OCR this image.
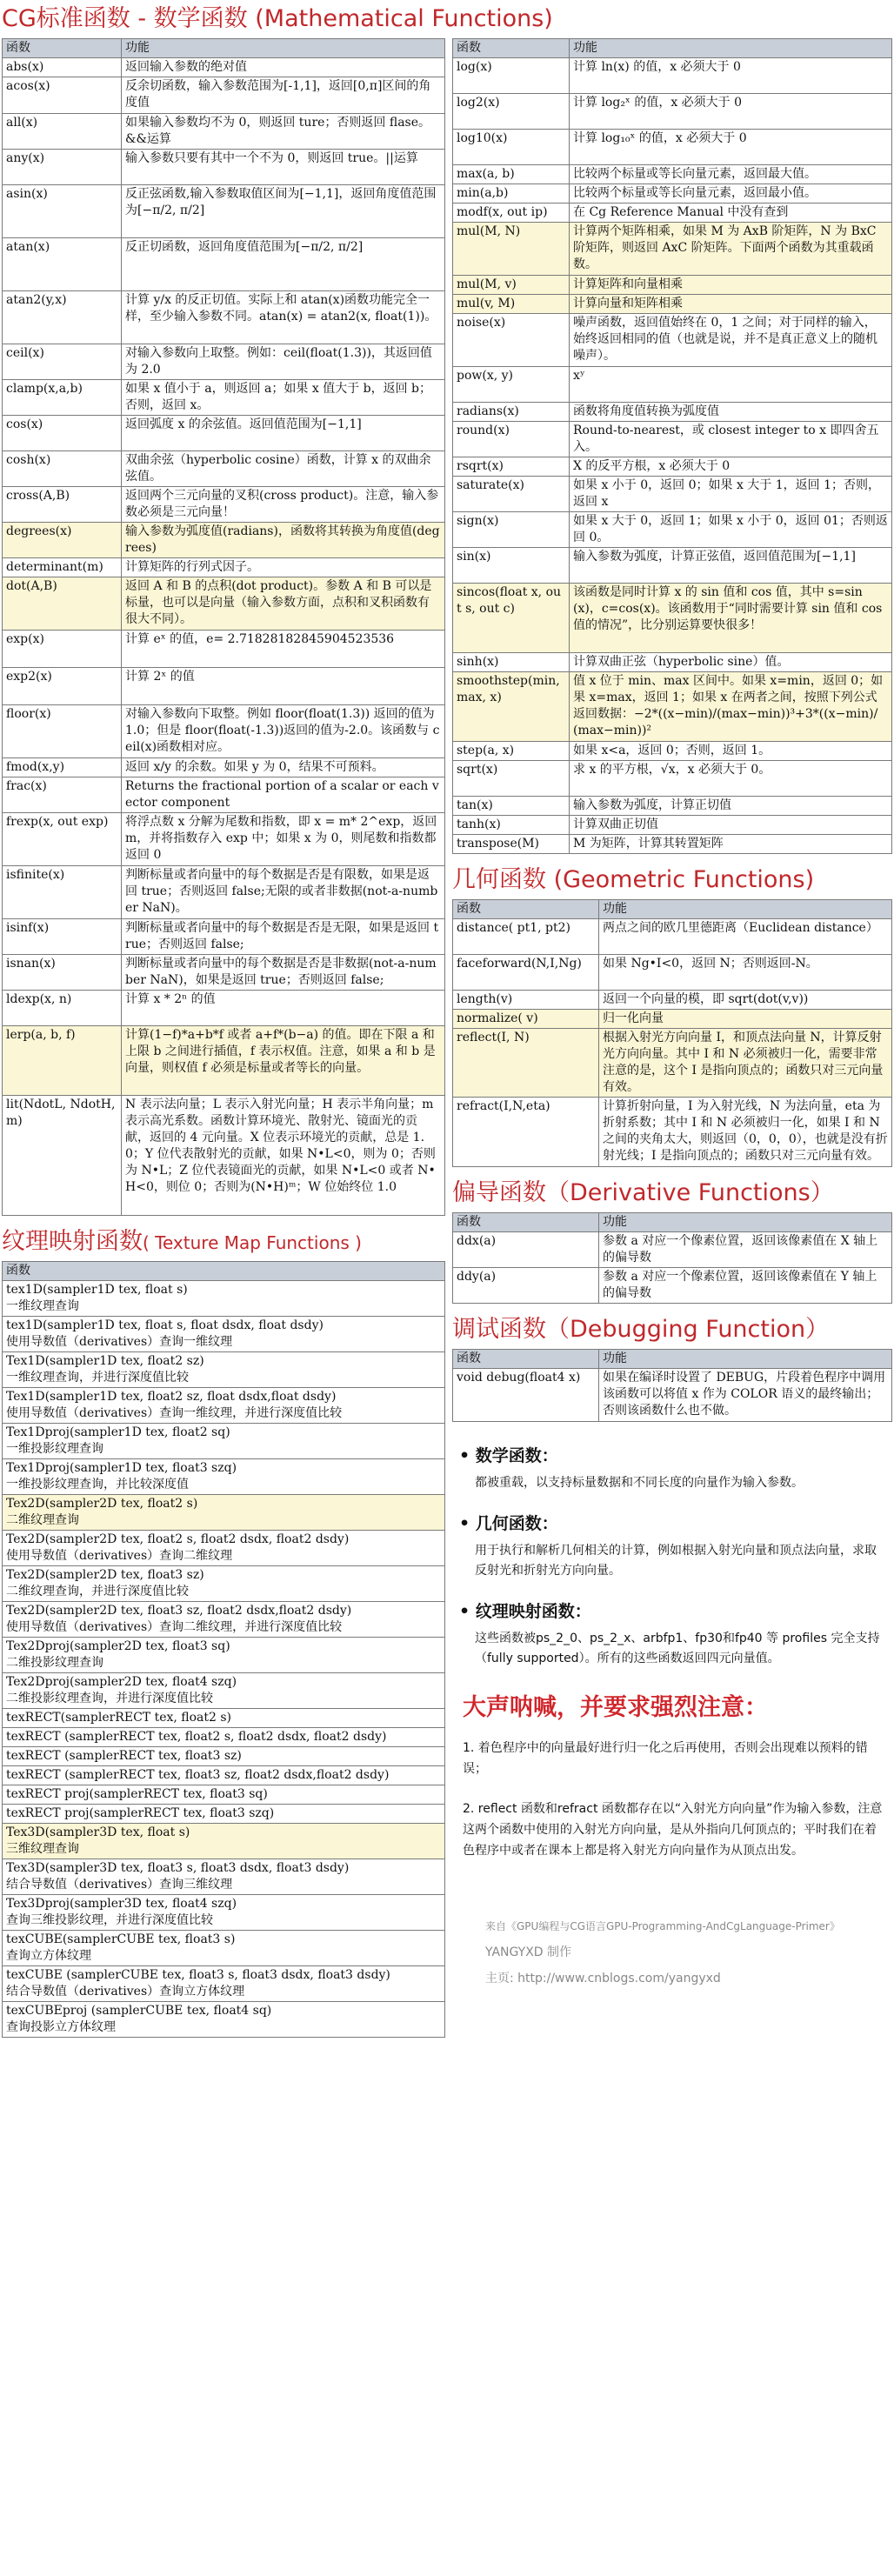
CG标准函数 - 数学函数 (Mathematical Functions)
函数	功能
abs(x)	返回输入参数的绝对值
acos(x)	反余切函数，输入参数范围为[-1,1]，返回[0,π]区间的角度值
all(x)	如果输入参数均不为 0，则返回 ture；否则返回 flase。&&运算
any(x)	输入参数只要有其中一个不为 0，则返回 true。||运算
asin(x)	反正弦函数,输入参数取值区间为[−1,1]，返回角度值范围为[−π/2, π/2]
atan(x)	反正切函数，返回角度值范围为[−π/2, π/2]
atan2(y,x)	计算 y/x 的反正切值。实际上和 atan(x)函数功能完全一样，至少输入参数不同。atan(x) = atan2(x, float(1))。
ceil(x)	对输入参数向上取整。例如：ceil(float(1.3))，其返回值为 2.0
clamp(x,a,b)	如果 x 值小于 a，则返回 a；如果 x 值大于 b，返回 b；否则，返回 x。
cos(x)	返回弧度 x 的余弦值。返回值范围为[−1,1]
cosh(x)	双曲余弦（hyperbolic cosine）函数，计算 x 的双曲余弦值。
cross(A,B)	返回两个三元向量的叉积(cross product)。注意，输入参数必须是三元向量！
degrees(x)	输入参数为弧度值(radians)，函数将其转换为角度值(degrees)
determinant(m)	计算矩阵的行列式因子。
dot(A,B)	返回 A 和 B 的点积(dot product)。参数 A 和 B 可以是标量，也可以是向量（输入参数方面，点积和叉积函数有很大不同）。
exp(x)	计算 eˣ 的值，e= 2.71828182845904523536
exp2(x)	计算 2ˣ 的值
floor(x)	对输入参数向下取整。例如 floor(float(1.3)) 返回的值为 1.0；但是 floor(float(-1.3))返回的值为-2.0。该函数与 ceil(x)函数相对应。
fmod(x,y)	返回 x/y 的余数。如果 y 为 0，结果不可预料。
frac(x)	Returns the fractional portion of a scalar or each vector component
frexp(x, out exp)	将浮点数 x 分解为尾数和指数，即 x = m* 2^exp，返回 m，并将指数存入 exp 中；如果 x 为 0，则尾数和指数都返回 0
isfinite(x)	判断标量或者向量中的每个数据是否是有限数，如果是返回 true；否则返回 false;无限的或者非数据(not-a-number NaN)。
isinf(x)	判断标量或者向量中的每个数据是否是无限，如果是返回 true；否则返回 false;
isnan(x)	判断标量或者向量中的每个数据是否是非数据(not-a-number NaN)，如果是返回 true；否则返回 false;
ldexp(x, n)	计算 x * 2ⁿ 的值
lerp(a, b, f)	计算(1−f)*a+b*f 或者 a+f*(b−a) 的值。即在下限 a 和上限 b 之间进行插值，f 表示权值。注意，如果 a 和 b 是向量，则权值 f 必须是标量或者等长的向量。
lit(NdotL, NdotH, m)	N 表示法向量；L 表示入射光向量；H 表示半角向量；m 表示高光系数。函数计算环境光、散射光、镜面光的贡献，返回的 4 元向量。X 位表示环境光的贡献，总是 1.0；Y 位代表散射光的贡献，如果 N•L<0，则为 0；否则为 N•L；Z 位代表镜面光的贡献，如果 N•L<0 或者 N•H<0，则位 0；否则为(N•H)ᵐ；W 位始终位 1.0
纹理映射函数( Texture Map Functions )
函数

tex1D(sampler1D tex, float s)
一维纹理查询

tex1D(sampler1D tex, float s, float dsdx, float dsdy)
使用导数值（derivatives）查询一维纹理

Tex1D(sampler1D tex, float2 sz)
一维纹理查询，并进行深度值比较

Tex1D(sampler1D tex, float2 sz, float dsdx,float dsdy)
使用导数值（derivatives）查询一维纹理，并进行深度值比较

Tex1Dproj(sampler1D tex, float2 sq)
一维投影纹理查询

Tex1Dproj(sampler1D tex, float3 szq)
一维投影纹理查询，并比较深度值

Tex2D(sampler2D tex, float2 s)
二维纹理查询

Tex2D(sampler2D tex, float2 s, float2 dsdx, float2 dsdy)
使用导数值（derivatives）查询二维纹理

Tex2D(sampler2D tex, float3 sz)
二维纹理查询，并进行深度值比较

Tex2D(sampler2D tex, float3 sz, float2 dsdx,float2 dsdy)
使用导数值（derivatives）查询二维纹理，并进行深度值比较

Tex2Dproj(sampler2D tex, float3 sq)
二维投影纹理查询

Tex2Dproj(sampler2D tex, float4 szq)
二维投影纹理查询，并进行深度值比较

texRECT(samplerRECT tex, float2 s)

texRECT (samplerRECT tex, float2 s, float2 dsdx, float2 dsdy)

texRECT (samplerRECT tex, float3 sz)

texRECT (samplerRECT tex, float3 sz, float2 dsdx,float2 dsdy)

texRECT proj(samplerRECT tex, float3 sq)

texRECT proj(samplerRECT tex, float3 szq)

Tex3D(sampler3D tex, float s)
三维纹理查询

Tex3D(sampler3D tex, float3 s, float3 dsdx, float3 dsdy)
结合导数值（derivatives）查询三维纹理

Tex3Dproj(sampler3D tex, float4 szq)
查询三维投影纹理，并进行深度值比较

texCUBE(samplerCUBE tex, float3 s)
查询立方体纹理

texCUBE (samplerCUBE tex, float3 s, float3 dsdx, float3 dsdy)
结合导数值（derivatives）查询立方体纹理

texCUBEproj (samplerCUBE tex, float4 sq)
查询投影立方体纹理
函数	功能
log(x)	计算 ln(x) 的值，x 必须大于 0
log2(x)	计算 log₂ˣ 的值，x 必须大于 0
log10(x)	计算 log₁₀ˣ 的值，x 必须大于 0
max(a, b)	比较两个标量或等长向量元素，返回最大值。
min(a,b)	比较两个标量或等长向量元素，返回最小值。
modf(x, out ip)	在 Cg Reference Manual 中没有查到
mul(M, N)	计算两个矩阵相乘，如果 M 为 AxB 阶矩阵，N 为 BxC 阶矩阵，则返回 AxC 阶矩阵。下面两个函数为其重载函数。
mul(M, v)	计算矩阵和向量相乘
mul(v, M)	计算向量和矩阵相乘
noise(x)	噪声函数，返回值始终在 0，1 之间；对于同样的输入，始终返回相同的值（也就是说，并不是真正意义上的随机噪声）。
pow(x, y)	xʸ
radians(x)	函数将角度值转换为弧度值
round(x)	Round-to-nearest，或 closest integer to x 即四舍五入。
rsqrt(x)	X 的反平方根，x 必须大于 0
saturate(x)	如果 x 小于 0，返回 0；如果 x 大于 1，返回 1；否则，返回 x
sign(x)	如果 x 大于 0，返回 1；如果 x 小于 0，返回 01；否则返回 0。
sin(x)	输入参数为弧度，计算正弦值，返回值范围为[−1,1]
sincos(float x, out s, out c)	该函数是同时计算 x 的 sin 值和 cos 值，其中 s=sin(x)，c=cos(x)。该函数用于“同时需要计算 sin 值和 cos 值的情况”，比分别运算要快很多！
sinh(x)	计算双曲正弦（hyperbolic sine）值。
smoothstep(min, max, x)	值 x 位于 min、max 区间中。如果 x=min，返回 0；如果 x=max，返回 1；如果 x 在两者之间，按照下列公式返回数据：−2*((x−min)/(max−min))³+3*((x−min)/(max−min))²
step(a, x)	如果 x<a，返回 0；否则，返回 1。
sqrt(x)	求 x 的平方根，√x，x 必须大于 0。
tan(x)	输入参数为弧度，计算正切值
tanh(x)	计算双曲正切值
transpose(M)	M 为矩阵，计算其转置矩阵
几何函数 (Geometric Functions)
函数	功能
distance( pt1, pt2)	两点之间的欧几里德距离（Euclidean distance）
faceforward(N,I,Ng)	如果 Ng•I<0，返回 N；否则返回-N。
length(v)	返回一个向量的模，即 sqrt(dot(v,v))
normalize( v)	归一化向量
reflect(I, N)	根据入射光方向向量 I，和顶点法向量 N，计算反射光方向向量。其中 I 和 N 必须被归一化，需要非常注意的是，这个 I 是指向顶点的；函数只对三元向量有效。
refract(I,N,eta)	计算折射向量，I 为入射光线，N 为法向量，eta 为折射系数；其中 I 和 N 必须被归一化，如果 I 和 N 之间的夹角太大，则返回（0，0，0），也就是没有折射光线；I 是指向顶点的；函数只对三元向量有效。
偏导函数（Derivative Functions）
函数	功能
ddx(a)	参数 a 对应一个像素位置，返回该像素值在 X 轴上的偏导数
ddy(a)	参数 a 对应一个像素位置，返回该像素值在 Y 轴上的偏导数
调试函数（Debugging Function）
函数	功能
void debug(float4 x)	如果在编译时设置了 DEBUG，片段着色程序中调用该函数可以将值 x 作为 COLOR 语义的最终输出；否则该函数什么也不做。
• 数学函数：
都被重载，以支持标量数据和不同长度的向量作为输入参数。
• 几何函数：
用于执行和解析几何相关的计算，例如根据入射光向量和顶点法向量，求取反射光和折射光方向向量。
• 纹理映射函数：
这些函数被ps_2_0、ps_2_x、arbfp1、fp30和fp40 等 profiles 完全支持（fully supported）。所有的这些函数返回四元向量值。
大声呐喊，并要求强烈注意：
1. 着色程序中的向量最好进行归一化之后再使用，否则会出现难以预料的错误；
2. reflect 函数和refract 函数都存在以“入射光方向向量”作为输入参数，注意这两个函数中使用的入射光方向向量，是从外指向几何顶点的；平时我们在着色程序中或者在课本上都是将入射光方向向量作为从顶点出发。
来自《GPU编程与CG语言GPU-Programming-AndCgLanguage-Primer》
YANGYXD 制作
主页: http://www.cnblogs.com/yangyxd
